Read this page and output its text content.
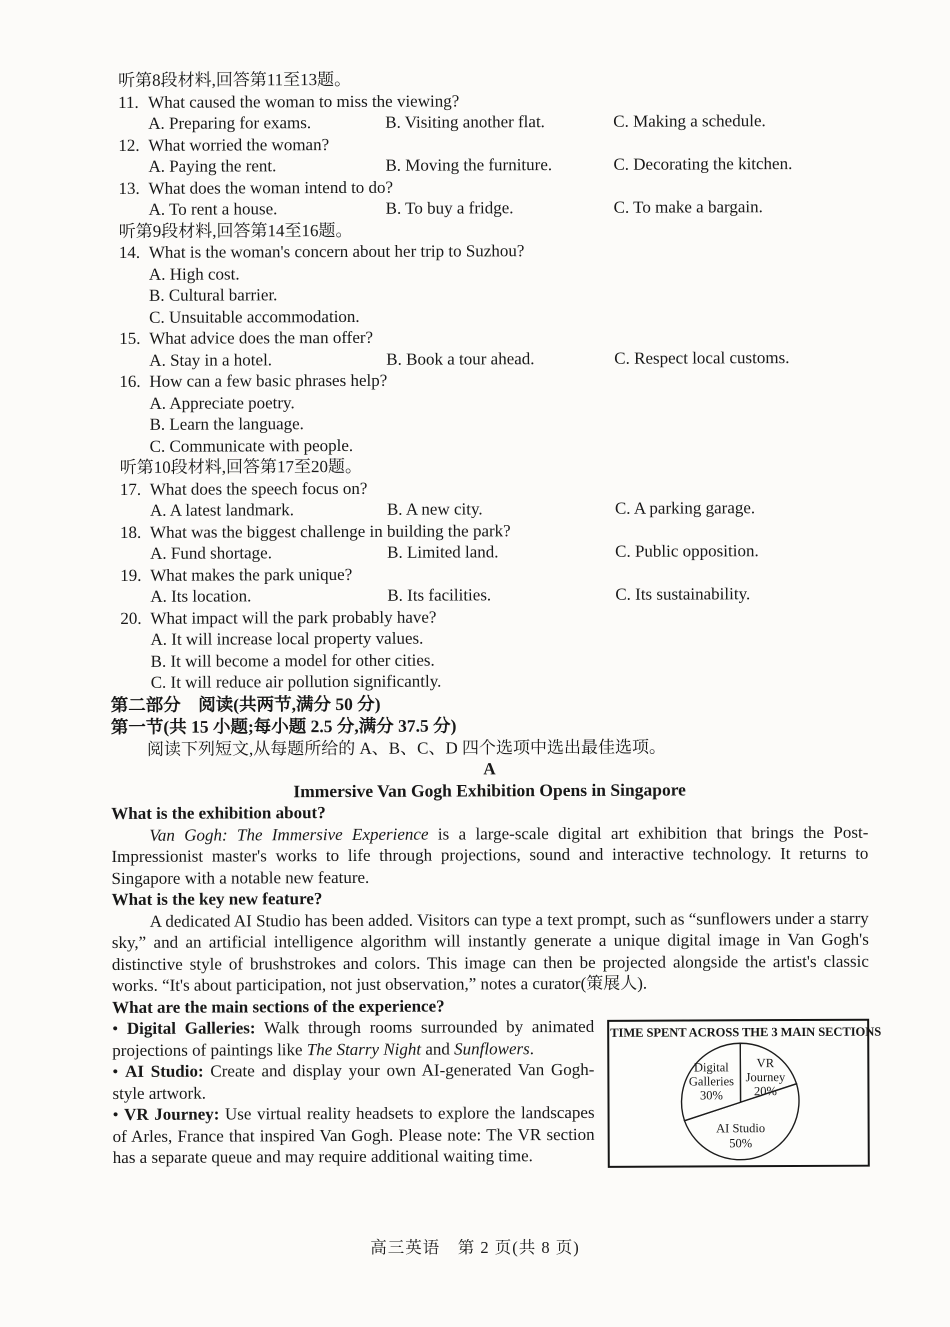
听第8段材料,回答第11至13题。
11. What caused the woman to miss the viewing?
A. Preparing for exams.	B. Visiting another flat.	C. Making a schedule.
12. What worried the woman?
A. Paying the rent.	B. Moving the furniture.	C. Decorating the kitchen.
13. What does the woman intend to do?
A. To rent a house.	B. To buy a fridge.	C. To make a bargain.
听第9段材料,回答第14至16题。
14. What is the woman's concern about her trip to Suzhou?
A. High cost.
B. Cultural barrier.
C. Unsuitable accommodation.
15. What advice does the man offer?
A. Stay in a hotel.	B. Book a tour ahead.	C. Respect local customs.
16. How can a few basic phrases help?
A. Appreciate poetry.
B. Learn the language.
C. Communicate with people.
听第10段材料,回答第17至20题。
17. What does the speech focus on?
A. A latest landmark.	B. A new city.	C. A parking garage.
18. What was the biggest challenge in building the park?
A. Fund shortage.	B. Limited land.	C. Public opposition.
19. What makes the park unique?
A. Its location.	B. Its facilities.	C. Its sustainability.
20. What impact will the park probably have?
A. It will increase local property values.
B. It will become a model for other cities.
C. It will reduce air pollution significantly.
第二部分　阅读(共两节,满分 50 分)
第一节(共 15 小题;每小题 2.5 分,满分 37.5 分)
阅读下列短文,从每题所给的 A、B、C、D 四个选项中选出最佳选项。
A
Immersive Van Gogh Exhibition Opens in Singapore
What is the exhibition about?

Van Gogh: The Immersive Experience is a large-scale digital art exhibition that brings the Post-Impressionist master's works to life through projections, sound and interactive technology. It returns to Singapore with a notable new feature.

What is the key new feature?

A dedicated AI Studio has been added. Visitors can type a text prompt, such as “sunflowers under a starry sky,” and an artificial intelligence algorithm will instantly generate a unique digital image in Van Gogh's distinctive style of brushstrokes and colors. This image can then be projected alongside the artist's classic works. “It's about participation, not just observation,” notes a curator(策展人).

What are the main sections of the experience?
TIME SPENT ACROSS THE 3 MAIN SECTIONS
VR
Journey
20%
Digital
Galleries
30%
AI Studio
50%

• Digital Galleries: Walk through rooms surrounded by animated projections of paintings like The Starry Night and Sunflowers.

• AI Studio: Create and display your own AI-generated Van Gogh-style artwork.

• VR Journey: Use virtual reality headsets to explore the landscapes of Arles, France that inspired Van Gogh. Please note: The VR section has a separate queue and may require additional waiting time.

高三英语　第 2 页(共 8 页)
